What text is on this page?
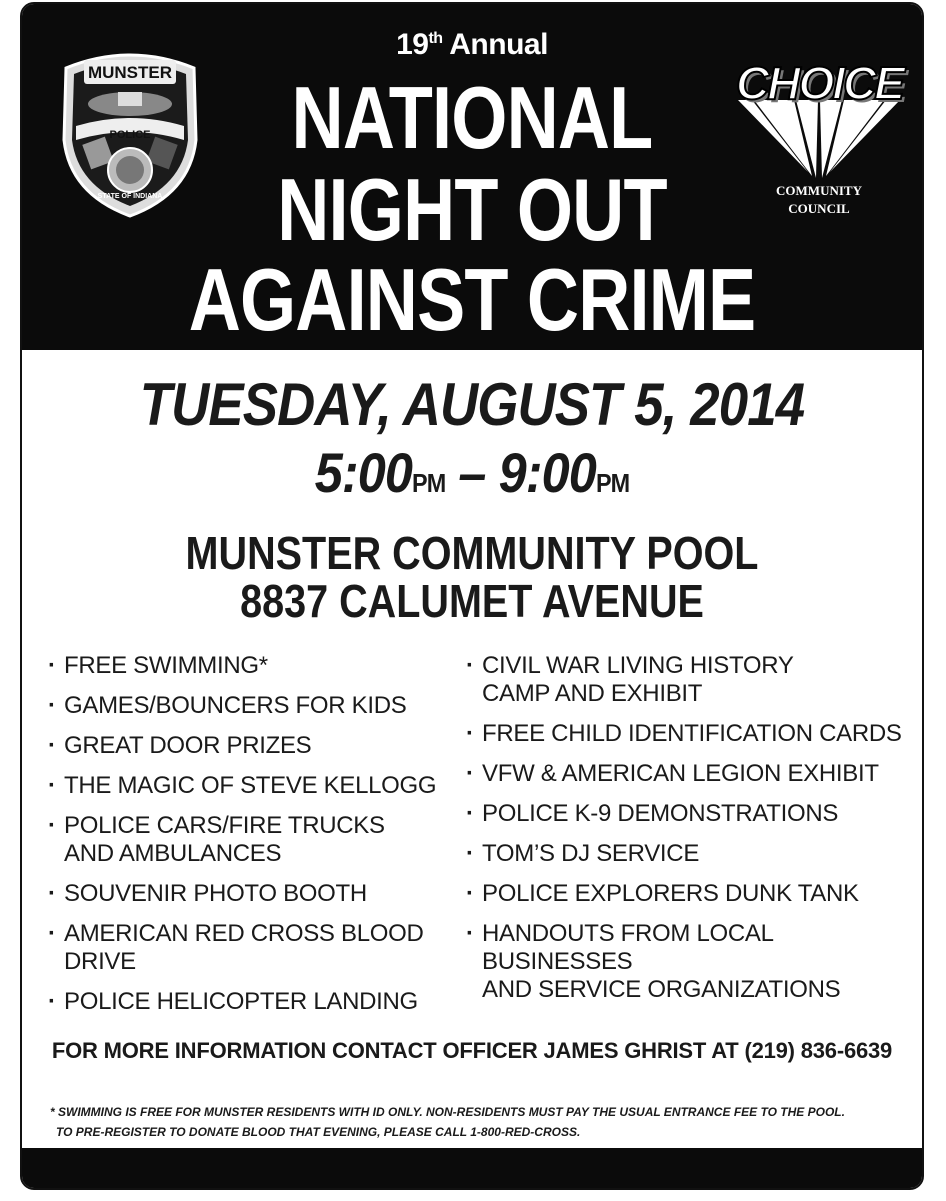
MUNSTER
POLICE
STATE OF INDIANA
19th Annual
NATIONAL
NIGHT OUT
AGAINST CRIME
CHOICE
COMMUNITY
COUNCIL
TUESDAY, AUGUST 5, 2014
5:00PM – 9:00PM
MUNSTER COMMUNITY POOL
8837 CALUMET AVENUE
· FREE SWIMMING*
· GAMES/BOUNCERS FOR KIDS
· GREAT DOOR PRIZES
· THE MAGIC OF STEVE KELLOGG
· POLICE CARS/FIRE TRUCKS
AND AMBULANCES
· SOUVENIR PHOTO BOOTH
· AMERICAN RED CROSS BLOOD DRIVE
· POLICE HELICOPTER LANDING
· CIVIL WAR LIVING HISTORY
CAMP AND EXHIBIT
· FREE CHILD IDENTIFICATION CARDS
· VFW & AMERICAN LEGION EXHIBIT
· POLICE K-9 DEMONSTRATIONS
· TOM’S DJ SERVICE
· POLICE EXPLORERS DUNK TANK
· HANDOUTS FROM LOCAL BUSINESSES
AND SERVICE ORGANIZATIONS
FOR MORE INFORMATION CONTACT OFFICER JAMES GHRIST AT (219) 836-6639
* SWIMMING IS FREE FOR MUNSTER RESIDENTS WITH ID ONLY. NON-RESIDENTS MUST PAY THE USUAL ENTRANCE FEE TO THE POOL.
TO PRE-REGISTER TO DONATE BLOOD THAT EVENING, PLEASE CALL 1-800-RED-CROSS.
